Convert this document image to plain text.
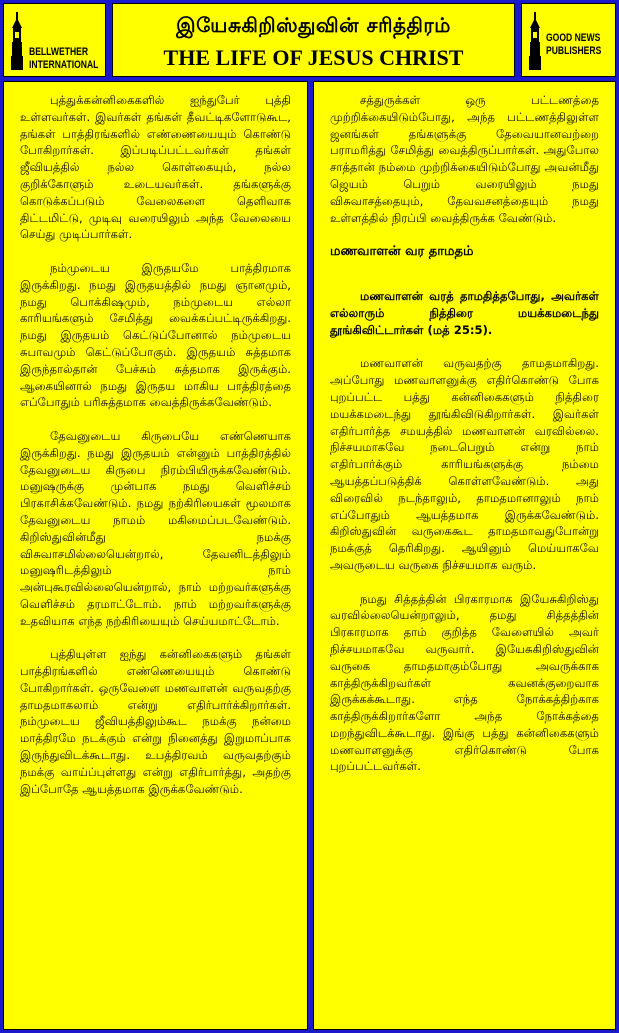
BELLWETHER
INTERNATIONAL
இயேசுகிறிஸ்துவின் சரித்திரம்
THE LIFE OF JESUS CHRIST
GOOD NEWS
PUBLISHERS

புத்துக்கன்னிகைகளில் ஐந்துபேர் புத்தி உள்ளவர்கள். இவர்கள் தங்கள் தீவட்டிகளோடுகூட, தங்கள் பாத்திரங்களில் எண்ணையையும் கொண்டு போகிறார்கள். இப்படிப்பட்டவர்கள் தங்கள் ஜீவியத்தில் நல்ல கொள்கையும், நல்ல குறிக்கோளும் உடையவர்கள். தங்களுக்கு கொடுக்கப்படும் வேலைகளை தெளிவாக திட்டமிட்டு, முடிவு வரையிலும் அந்த வேலையை செய்து முடிப்பார்கள்.

நம்முடைய இருதயமே பாத்திரமாக இருக்கிறது. நமது இருதயத்தில் நமது ஞானமும், நமது பொக்கிஷமும், நம்முடைய எல்லா காரியங்களும் சேமித்து வைக்கப்பட்டிருக்கிறது. நமது இருதயம் கெட்டுப்போனால் நம்முடைய சுபாவமும் கெட்டுப்போகும். இருதயம் சுத்தமாக இருந்தால்தான் பேச்சும் சுத்தமாக இருக்கும். ஆகையினால் நமது இருதய மாகிய பாத்திரத்தை எப்போதும் பரிசுத்தமாக வைத்திருக்கவேண்டும்.

தேவனுடைய கிருபையே எண்ணெயாக இருக்கிறது. நமது இருதயம் என்னும் பாத்திரத்தில் தேவனுடைய கிருபை நிரம்பியிருக்கவேண்டும். மனுஷருக்கு முன்பாக நமது வெளிச்சம் பிரகாசிக்கவேண்டும். நமது நற்கிரியைகள் மூலமாக தேவனுடைய நாமம் மகிமைப்படவேண்டும். கிறிஸ்துவின்மீது நமக்கு விசுவாசமில்லையென்றால், தேவனிடத்திலும் மனுஷரிடத்திலும் நாம் அன்புகூரவில்லையென்றால், நாம் மற்றவர்களுக்கு வெளிச்சம் தரமாட்டோம். நாம் மற்றவர்களுக்கு உதவியாக எந்த நற்கிரியையும் செய்யமாட்டோம்.

புத்தியுள்ள ஐந்து கன்னிகைகளும் தங்கள் பாத்திரங்களில் எண்ணெயையும் கொண்டு போகிறார்கள். ஒருவேளை மணவாளன் வருவதற்கு தாமதமாகலாம் என்று எதிர்பார்க்கிறார்கள். நம்முடைய ஜீவியத்திலும்கூட நமக்கு நன்மை மாத்திரமே நடக்கும் என்று நினைத்து இறுமாப்பாக இருந்துவிடக்கூடாது. உபத்திரவம் வருவதற்கும் நமக்கு வாய்ப்புள்ளது என்று எதிர்பார்த்து, அதற்கு இப்போதே ஆயத்தமாக இருக்கவேண்டும்.

சத்துருக்கள் ஒரு பட்டணத்தை முற்றிக்கையிடும்போது, அந்த பட்டணத்திலுள்ள ஜனங்கள் தங்களுக்கு தேவையானவற்றை பராமரித்து சேமித்து வைத்திருப்பார்கள். அதுபோல சாத்தான் நம்மை முற்றிக்கையிடும்போது அவன்மீது ஜெயம் பெறும் வரையிலும் நமது விசுவாசத்தையும், தேவவசனத்தையும் நமது உள்ளத்தில் நிரப்பி வைத்திருக்க வேண்டும்.

மணவாளன் வர தாமதம்

மணவாளன் வரத் தாமதித்தபோது, அவர்கள் எல்லாரும் நித்திரை மயக்கமடைந்து தூங்கிவிட்டார்கள் (மத் 25:5).

மணவாளன் வருவதற்கு தாமதமாகிறது. அப்போது மணவாளனுக்கு எதிர்கொண்டு போக புறப்பட்ட பத்து கன்னிகைகளும் நித்திரை மயக்கமடைந்து தூங்கிவிடுகிறார்கள். இவர்கள் எதிர்பார்த்த சமயத்தில் மணவாளன் வரவில்லை. நிச்சயமாகவே நடைபெறும் என்று நாம் எதிர்பார்க்கும் காரியங்களுக்கு நம்மை ஆயத்தப்படுத்திக் கொள்ளவேண்டும். அது விரைவில் நடந்தாலும், தாமதமானாலும் நாம் எப்போதும் ஆயத்தமாக இருக்கவேண்டும். கிறிஸ்துவின் வருகைகூட தாமதமாவதுபோன்று நமக்குத் தெரிகிறது. ஆயினும் மெய்யாகவே அவருடைய வருகை நிச்சயமாக வரும்.

நமது சித்தத்தின் பிரகாரமாக இயேசுகிறிஸ்து வரவில்லையென்றாலும், தமது சித்தத்தின் பிரகாரமாக தாம் குறித்த வேளையில் அவர் நிச்சயமாகவே வருவார். இயேசுகிறிஸ்துவின் வருகை தாமதமாகும்போது அவருக்காக காத்திருக்கிறவர்கள் கவனக்குறைவாக இருக்கக்கூடாது. எந்த நோக்கத்திற்காக காத்திருக்கிறார்களோ அந்த நோக்கத்தை மறந்துவிடக்கூடாது. இங்கு பத்து கன்னிகைகளும் மணவாளனுக்கு எதிர்கொண்டு போக புறப்பட்டவர்கள்.
